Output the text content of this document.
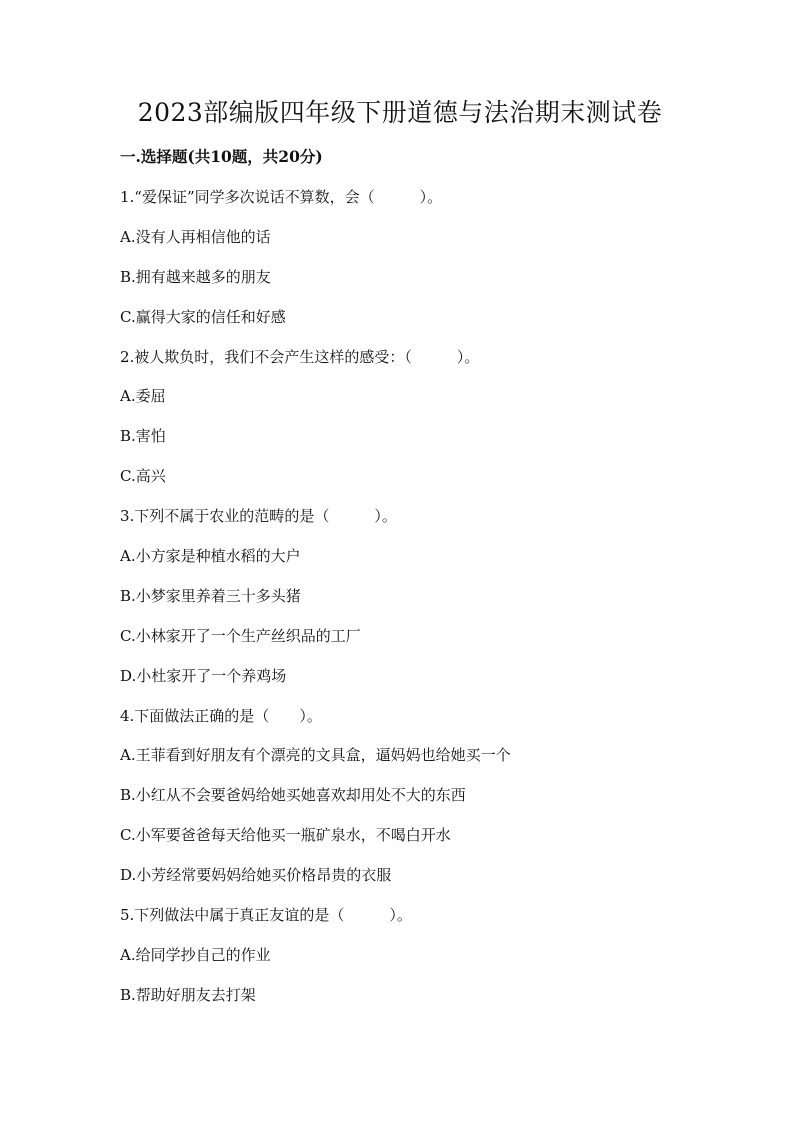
2023部编版四年级下册道德与法治期末测试卷
一.选择题(共10题，共20分)

1.“爱保证”同学多次说话不算数，会（　　　）。

A.没有人再相信他的话

B.拥有越来越多的朋友

C.赢得大家的信任和好感

2.被人欺负时，我们不会产生这样的感受：（　　　）。

A.委屈

B.害怕

C.高兴

3.下列不属于农业的范畴的是（　　　）。

A.小方家是种植水稻的大户

B.小梦家里养着三十多头猪

C.小林家开了一个生产丝织品的工厂

D.小杜家开了一个养鸡场

4.下面做法正确的是（　　）。

A.王菲看到好朋友有个漂亮的文具盒，逼妈妈也给她买一个

B.小红从不会要爸妈给她买她喜欢却用处不大的东西

C.小军要爸爸每天给他买一瓶矿泉水，不喝白开水

D.小芳经常要妈妈给她买价格昂贵的衣服

5.下列做法中属于真正友谊的是（　　　）。

A.给同学抄自己的作业

B.帮助好朋友去打架
